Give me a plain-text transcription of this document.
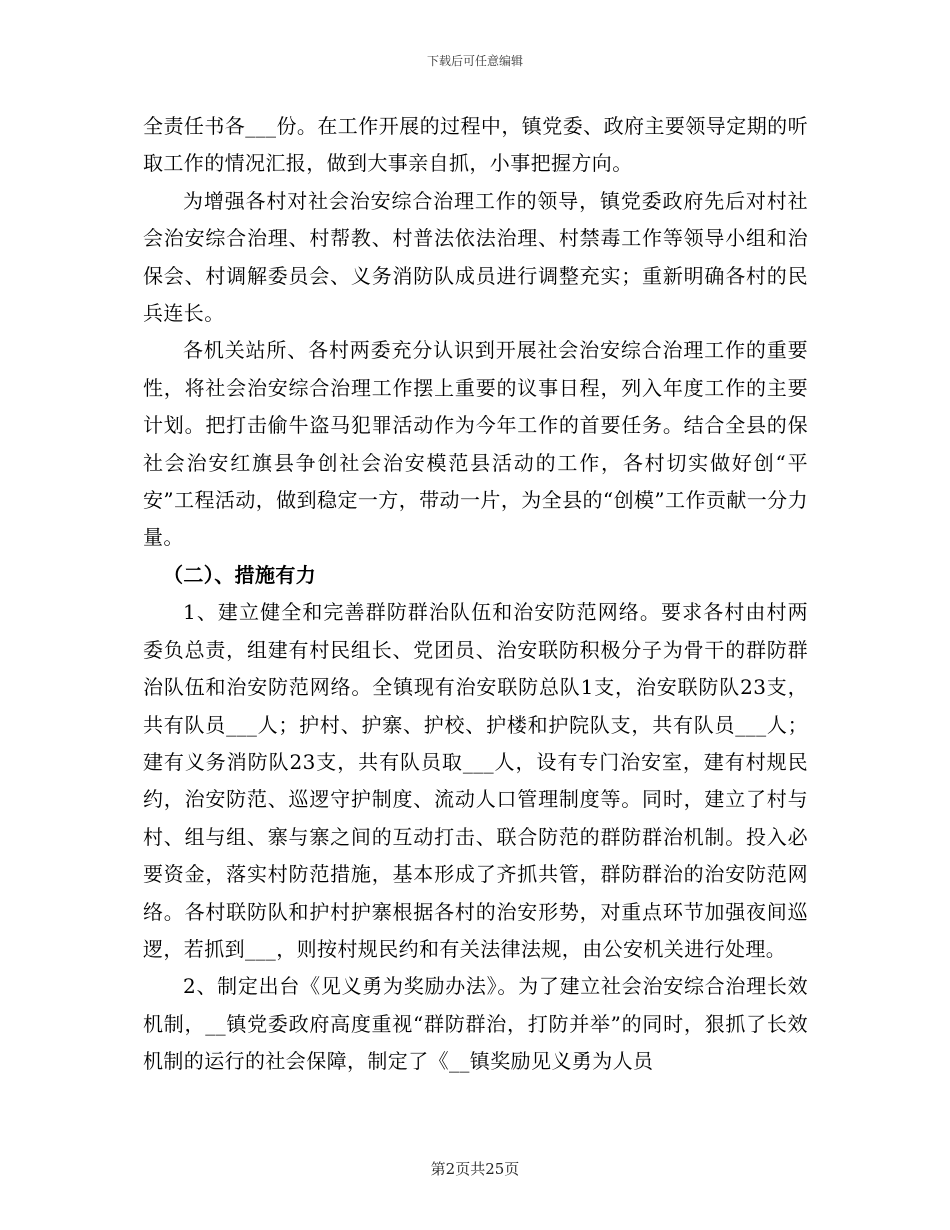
下载后可任意编辑

全责任书各___份。在工作开展的过程中，镇党委、政府主要领导定期的听取工作的情况汇报，做到大事亲自抓，小事把握方向。

为增强各村对社会治安综合治理工作的领导，镇党委政府先后对村社会治安综合治理、村帮教、村普法依法治理、村禁毒工作等领导小组和治保会、村调解委员会、义务消防队成员进行调整充实；重新明确各村的民兵连长。

各机关站所、各村两委充分认识到开展社会治安综合治理工作的重要性，将社会治安综合治理工作摆上重要的议事日程，列入年度工作的主要计划。把打击偷牛盗马犯罪活动作为今年工作的首要任务。结合全县的保社会治安红旗县争创社会治安模范县活动的工作，各村切实做好创“平安”工程活动，做到稳定一方，带动一片，为全县的“创模”工作贡献一分力量。

（二）、措施有力

1、建立健全和完善群防群治队伍和治安防范网络。要求各村由村两委负总责，组建有村民组长、党团员、治安联防积极分子为骨干的群防群治队伍和治安防范网络。全镇现有治安联防总队1支，治安联防队23支，共有队员___人；护村、护寨、护校、护楼和护院队支，共有队员___人；建有义务消防队23支，共有队员取___人，设有专门治安室，建有村规民约，治安防范、巡逻守护制度、流动人口管理制度等。同时，建立了村与村、组与组、寨与寨之间的互动打击、联合防范的群防群治机制。投入必要资金，落实村防范措施，基本形成了齐抓共管，群防群治的治安防范网络。各村联防队和护村护寨根据各村的治安形势，对重点环节加强夜间巡逻，若抓到___，则按村规民约和有关法律法规，由公安机关进行处理。

2、制定出台《见义勇为奖励办法》。为了建立社会治安综合治理长效机制，__镇党委政府高度重视“群防群治，打防并举”的同时，狠抓了长效机制的运行的社会保障，制定了《__镇奖励见义勇为人员

第2页共25页
